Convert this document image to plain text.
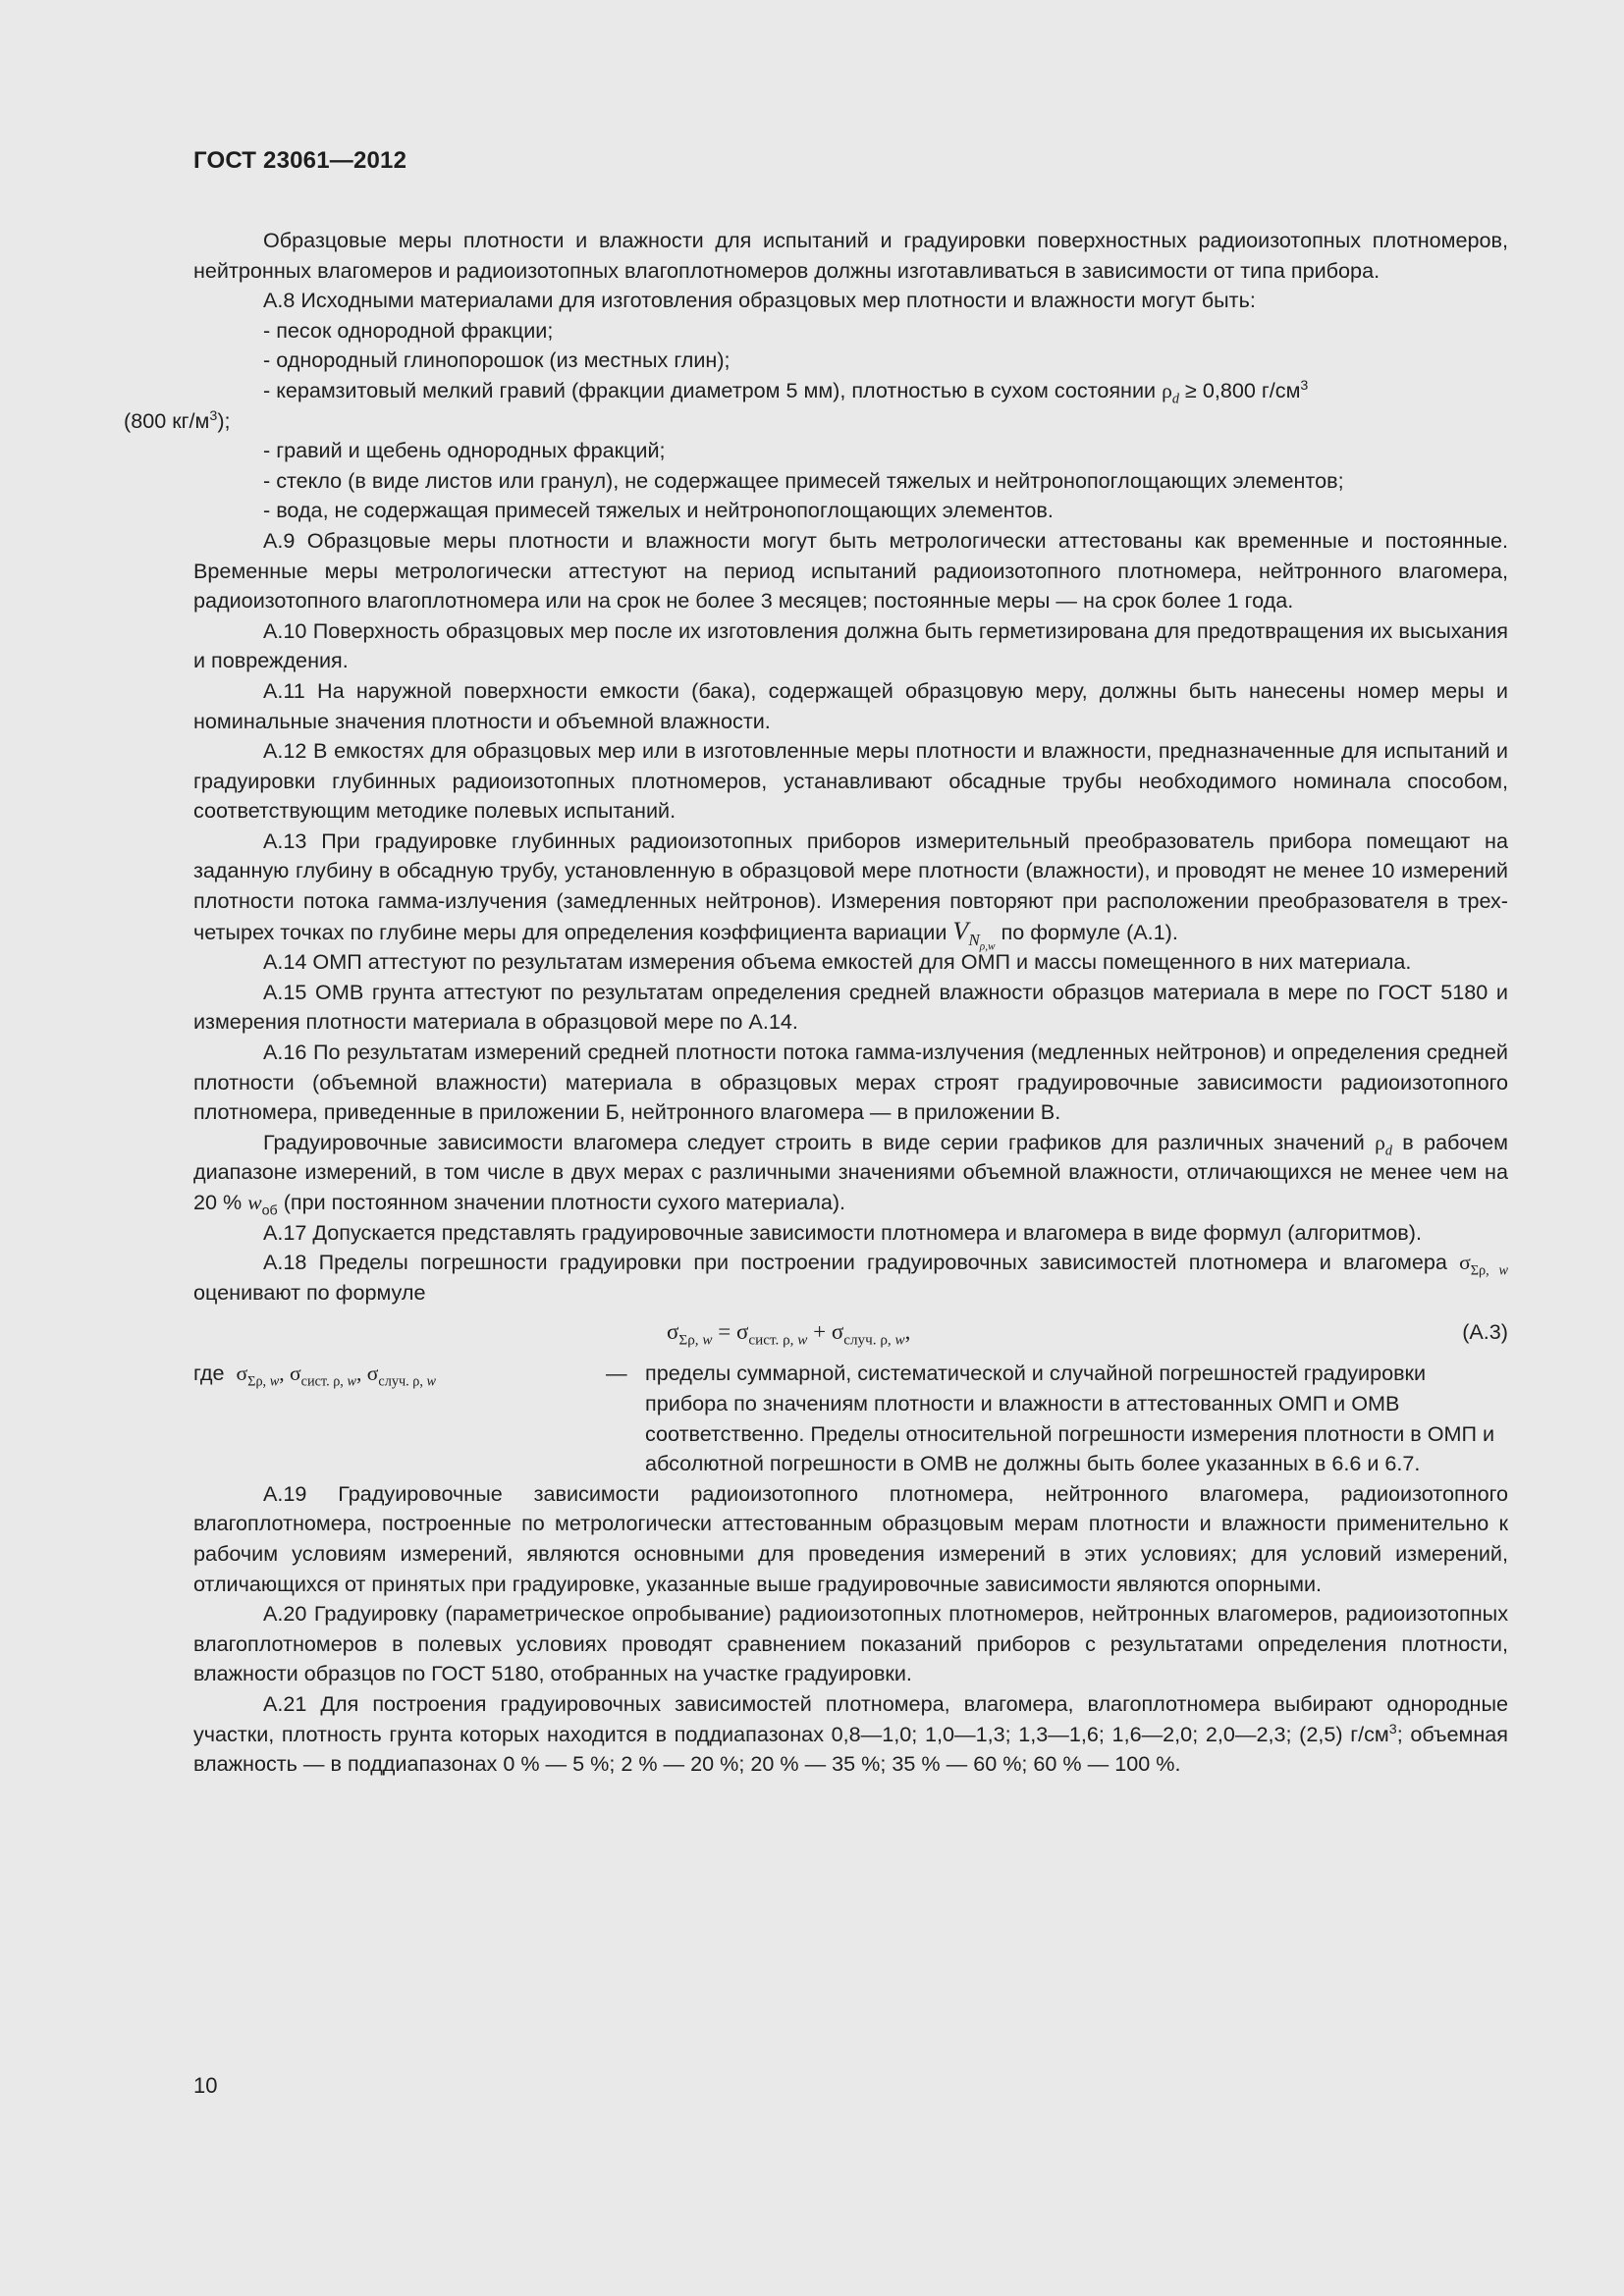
ГОСТ 23061—2012

Образцовые меры плотности и влажности для испытаний и градуировки поверхностных радиоизотопных плотномеров, нейтронных влагомеров и радиоизотопных влагоплотномеров должны изготавливаться в зависимости от типа прибора.

А.8 Исходными материалами для изготовления образцовых мер плотности и влажности могут быть:

- песок однородной фракции;

- однородный глинопорошок (из местных глин);

- керамзитовый мелкий гравий (фракции диаметром 5 мм), плотностью в сухом состоянии $\rho_d \ge 0,800$ $г/см^3$
(800 $кг/м^3$);

- гравий и щебень однородных фракций;

- стекло (в виде листов или гранул), не содержащее примесей тяжелых и нейтронопоглощающих элементов;

- вода, не содержащая примесей тяжелых и нейтронопоглощающих элементов.

А.9 Образцовые меры плотности и влажности могут быть метрологически аттестованы как временные и постоянные. Временные меры метрологически аттестуют на период испытаний радиоизотопного плотномера, нейтронного влагомера, радиоизотопного влагоплотномера или на срок не более 3 месяцев; постоянные меры — на срок более 1 года.

А.10 Поверхность образцовых мер после их изготовления должна быть герметизирована для предотвращения их высыхания и повреждения.

А.11 На наружной поверхности емкости (бака), содержащей образцовую меру, должны быть нанесены номер меры и номинальные значения плотности и объемной влажности.

А.12 В емкостях для образцовых мер или в изготовленные меры плотности и влажности, предназначенные для испытаний и градуировки глубинных радиоизотопных плотномеров, устанавливают обсадные трубы необходимого номинала способом, соответствующим методике полевых испытаний.

А.13 При градуировке глубинных радиоизотопных приборов измерительный преобразователь прибора помещают на заданную глубину в обсадную трубу, установленную в образцовой мере плотности (влажности), и проводят не менее 10 измерений плотности потока гамма-излучения (замедленных нейтронов). Измерения повторяют при расположении преобразователя в трех-четырех точках по глубине меры для определения коэффициента вариации $V_{N_{\rho,w}}$ по формуле (А.1).

А.14 ОМП аттестуют по результатам измерения объема емкостей для ОМП и массы помещенного в них материала.

А.15 ОМВ грунта аттестуют по результатам определения средней влажности образцов материала в мере по ГОСТ 5180 и измерения плотности материала в образцовой мере по А.14.

А.16 По результатам измерений средней плотности потока гамма-излучения (медленных нейтронов) и определения средней плотности (объемной влажности) материала в образцовых мерах строят градуировочные зависимости радиоизотопного плотномера, приведенные в приложении Б, нейтронного влагомера — в приложении В.

Градуировочные зависимости влагомера следует строить в виде серии графиков для различных значений $\rho_d$ в рабочем диапазоне измерений, в том числе в двух мерах с различными значениями объемной влажности, отличающихся не менее чем на 20 % $w_{об}$ (при постоянном значении плотности сухого материала).

А.17 Допускается представлять градуировочные зависимости плотномера и влагомера в виде формул (алгоритмов).

А.18 Пределы погрешности градуировки при построении градуировочных зависимостей плотномера и влагомера $\sigma_{\Sigma\rho, w}$ оценивают по формуле

$\sigma_{\Sigma\rho, w} = \sigma_{сист. \rho, w} + \sigma_{случ. \rho, w}$,	(А.3)
где $\sigma_{\Sigma\rho, w}$, $\sigma_{сист. \rho, w}$, $\sigma_{случ. \rho, w}$	— пределы суммарной, систематической и случайной погрешностей градуировки прибора по значениям плотности и влажности в аттестованных ОМП и ОМВ соответственно. Пределы относительной погрешности измерения плотности в ОМП и абсолютной погрешности в ОМВ не должны быть более указанных в 6.6 и 6.7.

А.19 Градуировочные зависимости радиоизотопного плотномера, нейтронного влагомера, радиоизотопного влагоплотномера, построенные по метрологически аттестованным образцовым мерам плотности и влажности применительно к рабочим условиям измерений, являются основными для проведения измерений в этих условиях; для условий измерений, отличающихся от принятых при градуировке, указанные выше градуировочные зависимости являются опорными.

А.20 Градуировку (параметрическое опробывание) радиоизотопных плотномеров, нейтронных влагомеров, радиоизотопных влагоплотномеров в полевых условиях проводят сравнением показаний приборов с результатами определения плотности, влажности образцов по ГОСТ 5180, отобранных на участке градуировки.

А.21 Для построения градуировочных зависимостей плотномера, влагомера, влагоплотномера выбирают однородные участки, плотность грунта которых находится в поддиапазонах 0,8—1,0; 1,0—1,3; 1,3—1,6; 1,6—2,0; 2,0—2,3; (2,5) $г/см^3$; объемная влажность — в поддиапазонах 0 % — 5 %; 2 % — 20 %; 20 % — 35 %; 35 % — 60 %; 60 % — 100 %.

10
